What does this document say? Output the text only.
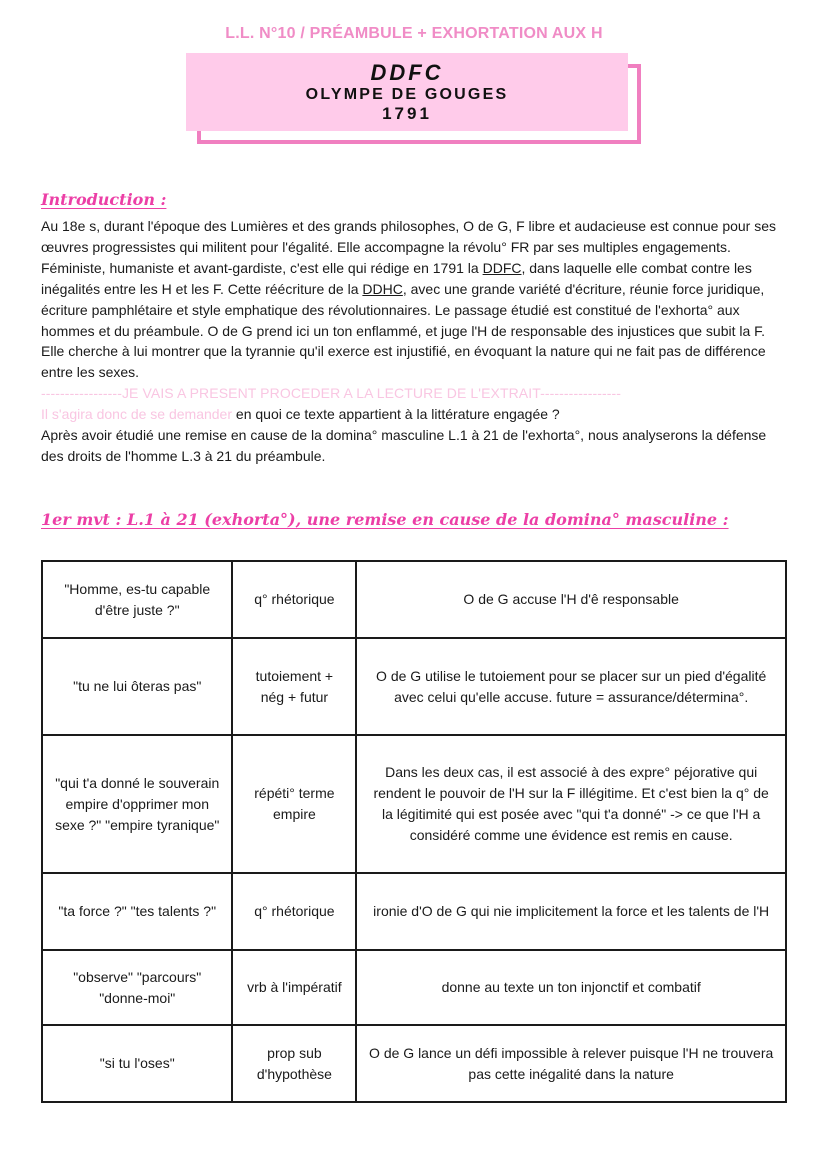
L.L. N°10 / PRÉAMBULE + EXHORTATION AUX H
DDFC
OLYMPE DE GOUGES
1791
Introduction :

Au 18e s, durant l'époque des Lumières et des grands philosophes, O de G, F libre et audacieuse est connue pour ses œuvres progressistes qui militent pour l'égalité. Elle accompagne la révolu° FR par ses multiples engagements. Féministe, humaniste et avant-gardiste, c'est elle qui rédige en 1791 la DDFC, dans laquelle elle combat contre les inégalités entre les H et les F. Cette réécriture de la DDHC, avec une grande variété d'écriture, réunie force juridique, écriture pamphlétaire et style emphatique des révolutionnaires. Le passage étudié est constitué de l'exhorta° aux hommes et du préambule. O de G prend ici un ton enflammé, et juge l'H de responsable des injustices que subit la F. Elle cherche à lui montrer que la tyrannie qu'il exerce est injustifié, en évoquant la nature qui ne fait pas de différence entre les sexes.

-----------------JE VAIS A PRESENT PROCEDER A LA LECTURE DE L'EXTRAIT-----------------

Il s'agira donc de se demander en quoi ce texte appartient à la littérature engagée ?

Après avoir étudié une remise en cause de la domina° masculine L.1 à 21 de l'exhorta°, nous analyserons la défense des droits de l'homme L.3 à 21 du préambule.

1er mvt : L.1 à 21 (exhorta°), une remise en cause de la domina° masculine :
"Homme, es-tu capable d'être juste ?"	q° rhétorique	O de G accuse l'H d'ê responsable
"tu ne lui ôteras pas"	tutoiement + nég + futur	O de G utilise le tutoiement pour se placer sur un pied d'égalité avec celui qu'elle accuse. future = assurance/détermina°.
"qui t'a donné le souverain empire d'opprimer mon sexe ?" "empire tyranique"	répéti° terme empire	Dans les deux cas, il est associé à des expre° péjorative qui rendent le pouvoir de l'H sur la F illégitime. Et c'est bien la q° de la légitimité qui est posée avec "qui t'a donné" -> ce que l'H a considéré comme une évidence est remis en cause.
"ta force ?" "tes talents ?"	q° rhétorique	ironie d'O de G qui nie implicitement la force et les talents de l'H
"observe" "parcours" "donne-moi"	vrb à l'impératif	donne au texte un ton injonctif et combatif
"si tu l'oses"	prop sub d'hypothèse	O de G lance un défi impossible à relever puisque l'H ne trouvera pas cette inégalité dans la nature
